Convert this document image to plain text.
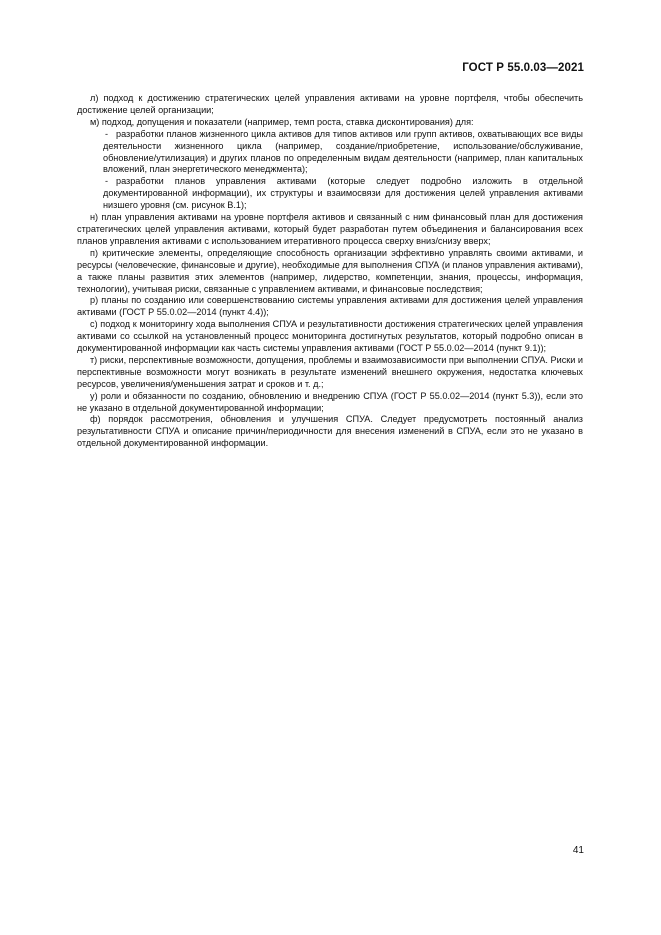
ГОСТ Р 55.0.03—2021

л) подход к достижению стратегических целей управления активами на уровне портфеля, чтобы обеспечить достижение целей организации;

м) подход, допущения и показатели (например, темп роста, ставка дисконтирования) для:

- разработки планов жизненного цикла активов для типов активов или групп активов, охватывающих все виды деятельности жизненного цикла (например, создание/приобретение, использование/обслуживание, обновление/утилизация) и других планов по определенным видам деятельности (например, план капитальных вложений, план энергетического менеджмента);

- разработки планов управления активами (которые следует подробно изложить в отдельной документированной информации), их структуры и взаимосвязи для достижения целей управления активами низшего уровня (см. рисунок В.1);

н) план управления активами на уровне портфеля активов и связанный с ним финансовый план для достижения стратегических целей управления активами, который будет разработан путем объединения и балансирования всех планов управления активами с использованием итеративного процесса сверху вниз/снизу вверх;

п) критические элементы, определяющие способность организации эффективно управлять своими активами, и ресурсы (человеческие, финансовые и другие), необходимые для выполнения СПУА (и планов управления активами), а также планы развития этих элементов (например, лидерство, компетенции, знания, процессы, информация, технологии), учитывая риски, связанные с управлением активами, и финансовые последствия;

р) планы по созданию или совершенствованию системы управления активами для достижения целей управления активами (ГОСТ Р 55.0.02—2014 (пункт 4.4));

с) подход к мониторингу хода выполнения СПУА и результативности достижения стратегических целей управления активами со ссылкой на установленный процесс мониторинга достигнутых результатов, который подробно описан в документированной информации как часть системы управления активами (ГОСТ Р 55.0.02—2014 (пункт 9.1));

т) риски, перспективные возможности, допущения, проблемы и взаимозависимости при выполнении СПУА. Риски и перспективные возможности могут возникать в результате изменений внешнего окружения, недостатка ключевых ресурсов, увеличения/уменьшения затрат и сроков и т. д.;

у) роли и обязанности по созданию, обновлению и внедрению СПУА (ГОСТ Р 55.0.02—2014 (пункт 5.3)), если это не указано в отдельной документированной информации;

ф) порядок рассмотрения, обновления и улучшения СПУА. Следует предусмотреть постоянный анализ результативности СПУА и описание причин/периодичности для внесения изменений в СПУА, если это не указано в отдельной документированной информации.

41
